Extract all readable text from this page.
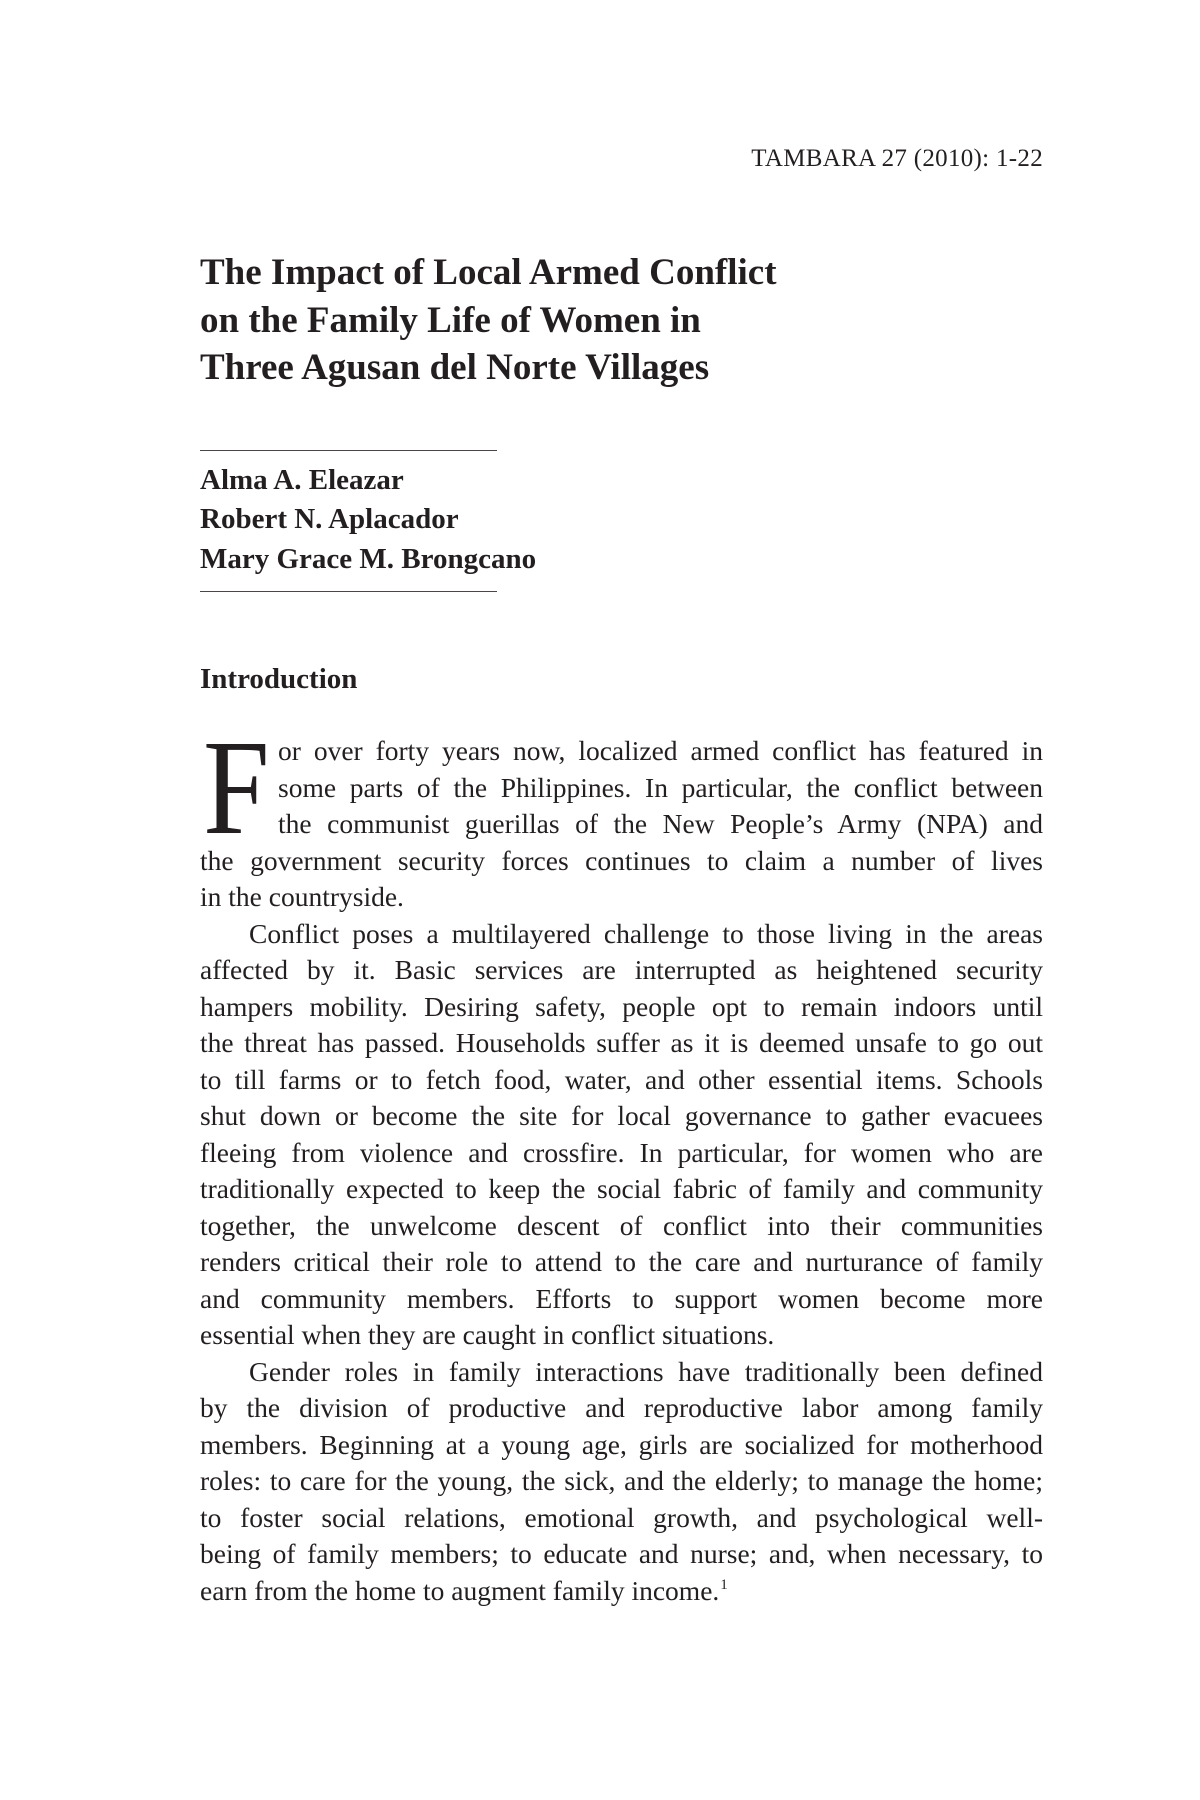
TAMBARA 27 (2010): 1-22
The Impact of Local Armed Conflict
on the Family Life of Women in
Three Agusan del Norte Villages
Alma A. Eleazar
Robert N. Aplacador
Mary Grace M. Brongcano
Introduction
F or over forty years now, localized armed conflict has featured in
some parts of the Philippines. In particular, the conflict between
the communist guerillas of the New People’s Army (NPA) and
the government security forces continues to claim a number of lives
in the countryside.
Conflict poses a multilayered challenge to those living in the areas
affected by it. Basic services are interrupted as heightened security
hampers mobility. Desiring safety, people opt to remain indoors until
the threat has passed. Households suffer as it is deemed unsafe to go out
to till farms or to fetch food, water, and other essential items. Schools
shut down or become the site for local governance to gather evacuees
fleeing from violence and crossfire. In particular, for women who are
traditionally expected to keep the social fabric of family and community
together, the unwelcome descent of conflict into their communities
renders critical their role to attend to the care and nurturance of family
and community members. Efforts to support women become more
essential when they are caught in conflict situations.
Gender roles in family interactions have traditionally been defined
by the division of productive and reproductive labor among family
members. Beginning at a young age, girls are socialized for motherhood
roles: to care for the young, the sick, and the elderly; to manage the home;
to foster social relations, emotional growth, and psychological well-
being of family members; to educate and nurse; and, when necessary, to
earn from the home to augment family income.$^1$
